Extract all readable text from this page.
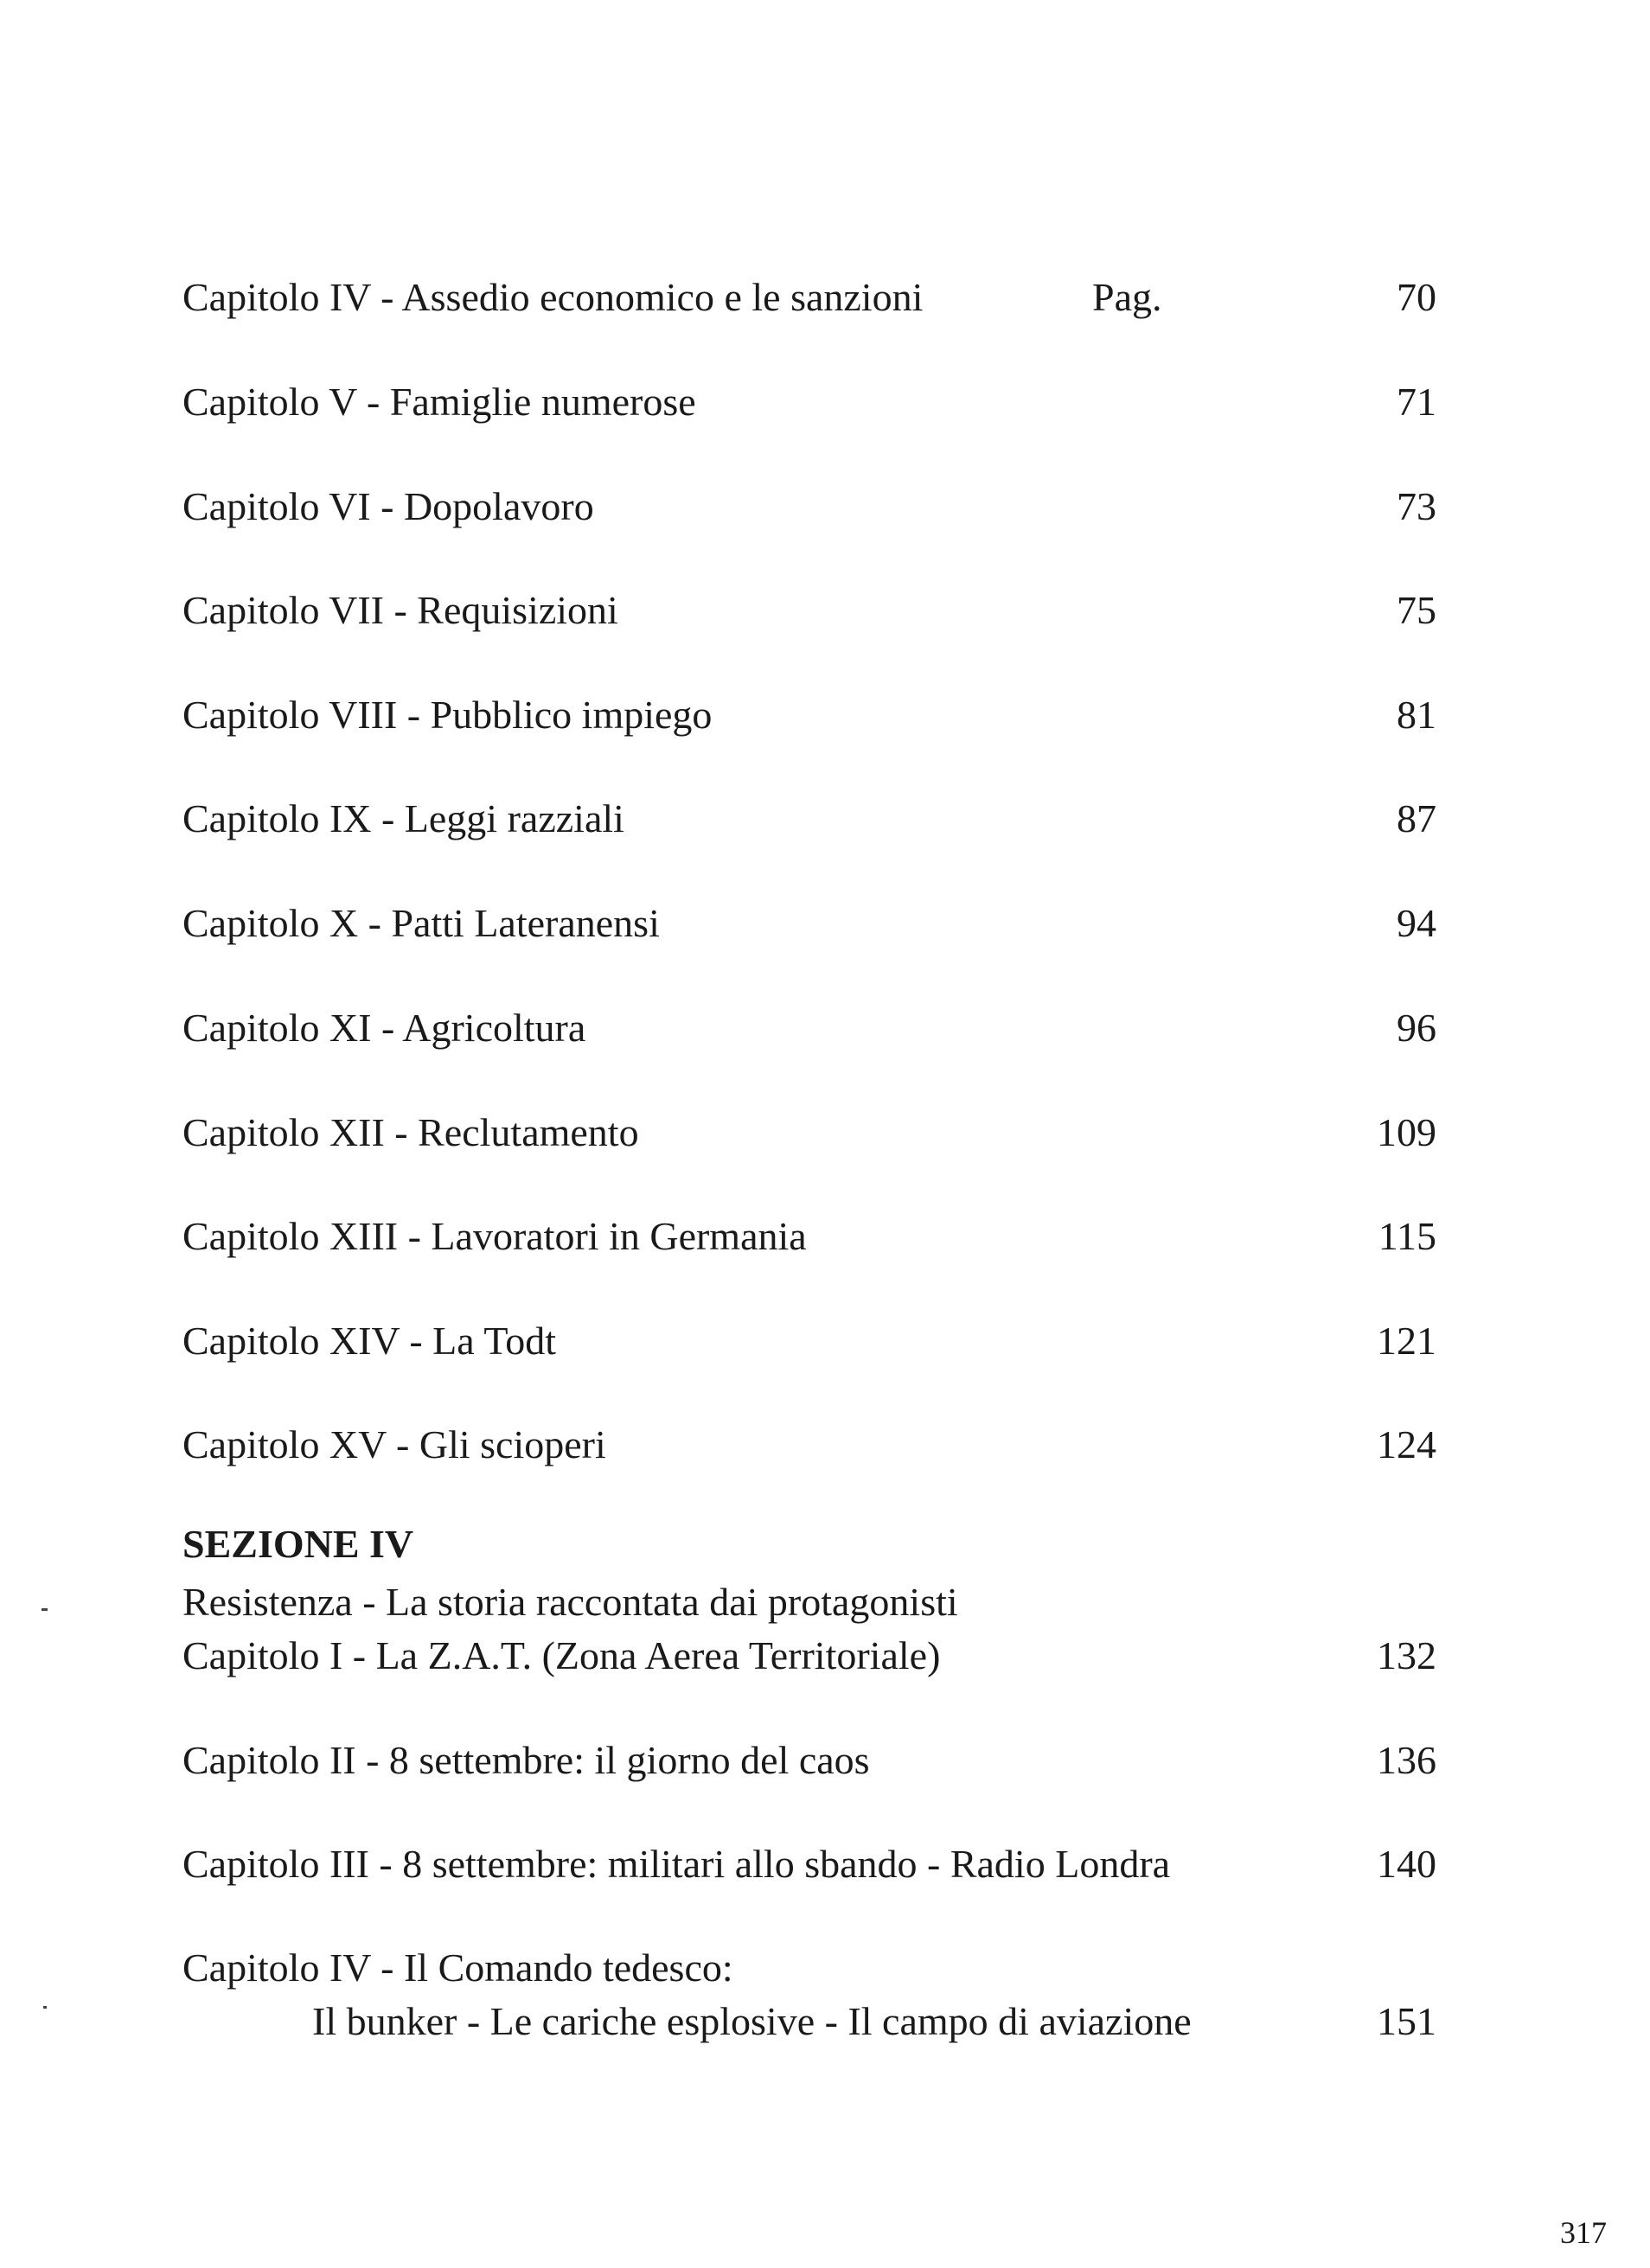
Pag.
Capitolo IV - Assedio economico e le sanzioni	70
Capitolo V - Famiglie numerose	71
Capitolo VI - Dopolavoro	73
Capitolo VII - Requisizioni	75
Capitolo VIII - Pubblico impiego	81
Capitolo IX - Leggi razziali	87
Capitolo X - Patti Lateranensi	94
Capitolo XI - Agricoltura	96
Capitolo XII - Reclutamento	109
Capitolo XIII - Lavoratori in Germania	115
Capitolo XIV - La Todt	121
Capitolo XV - Gli scioperi	124
SEZIONE IV
Resistenza - La storia raccontata dai protagonisti
Capitolo I - La Z.A.T. (Zona Aerea Territoriale)	132
Capitolo II - 8 settembre: il giorno del caos	136
Capitolo III - 8 settembre: militari allo sbando - Radio Londra	140
Capitolo IV - Il Comando tedesco:
Il bunker - Le cariche esplosive - Il campo di aviazione	151
317
